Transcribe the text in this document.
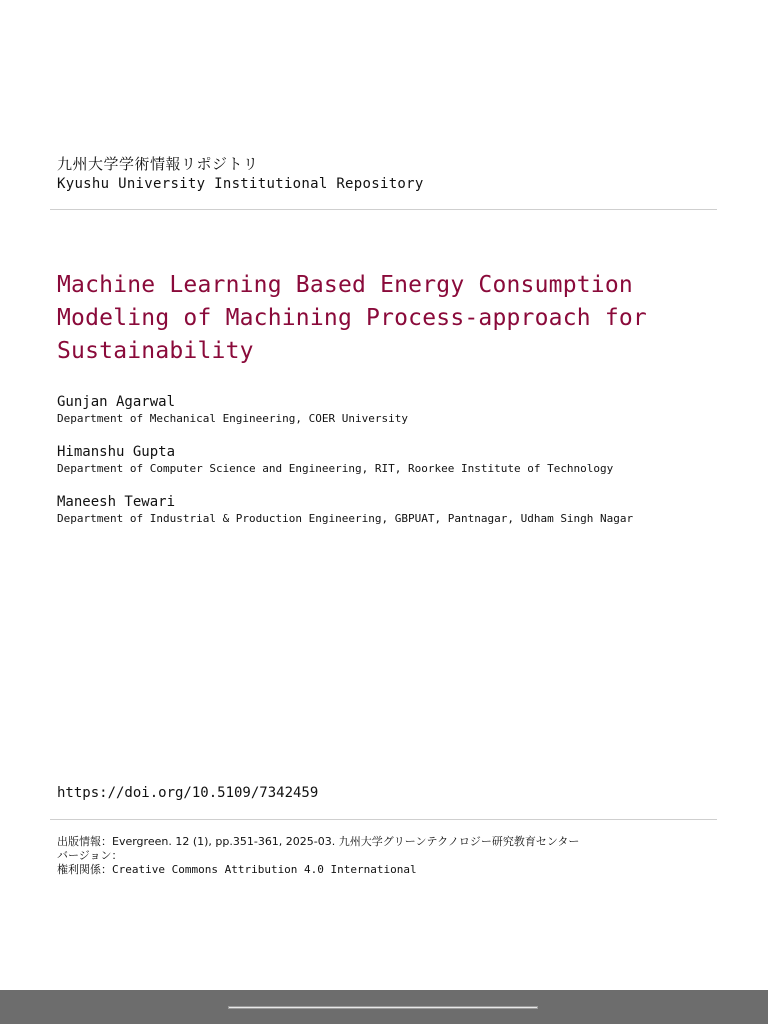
九州大学学術情報リポジトリ
Kyushu University Institutional Repository
Machine Learning Based Energy Consumption Modeling of Machining Process-approach for Sustainability
Gunjan Agarwal
Department of Mechanical Engineering, COER University
Himanshu Gupta
Department of Computer Science and Engineering, RIT, Roorkee Institute of Technology
Maneesh Tewari
Department of Industrial & Production Engineering, GBPUAT, Pantnagar, Udham Singh Nagar
https://doi.org/10.5109/7342459
出版情報：Evergreen. 12 (1), pp.351-361, 2025-03. 九州大学グリーンテクノロジー研究教育センター
バージョン：
権利関係：Creative Commons Attribution 4.0 International
